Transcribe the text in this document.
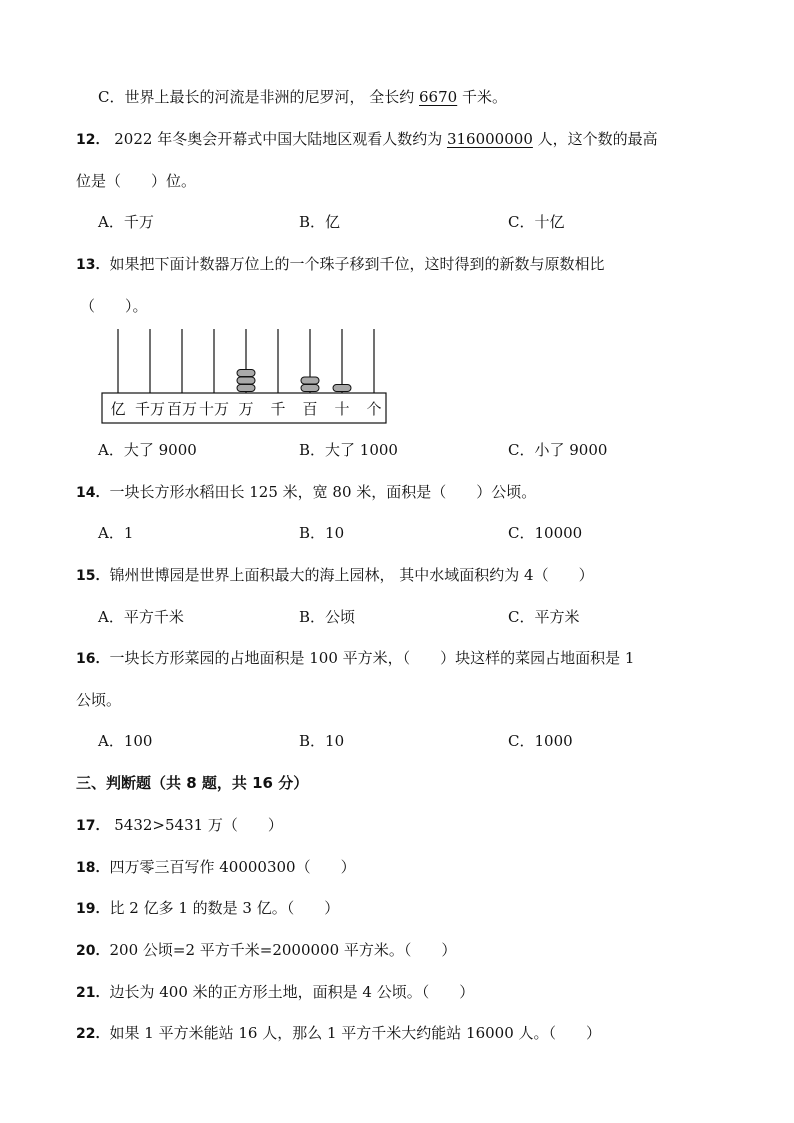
C．世界上最长的河流是非洲的尼罗河， 全长约 6670 千米。
12． 2022 年冬奥会开幕式中国大陆地区观看人数约为 316000000 人，这个数的最高
位是（　　）位。
A．千万	B．亿	C．十亿
13．如果把下面计数器万位上的一个珠子移到千位，这时得到的新数与原数相比
（　　）。
亿 千万 百万 十万 万 千 百 十 个
A．大了 9000	B．大了 1000	C．小了 9000
14．一块长方形水稻田长 125 米，宽 80 米，面积是（　　）公顷。
A．1	B．10	C．10000
15．锦州世博园是世界上面积最大的海上园林， 其中水域面积约为 4（　　）
A．平方千米	B．公顷	C．平方米
16．一块长方形菜园的占地面积是 100 平方米，（　　）块这样的菜园占地面积是 1
公顷。
A．100	B．10	C．1000
三、判断题（共 8 题，共 16 分）
17． 5432>5431 万（　　）
18．四万零三百写作 40000300（　　）
19．比 2 亿多 1 的数是 3 亿。（　　）
20．200 公顷=2 平方千米=2000000 平方米。（　　）
21．边长为 400 米的正方形土地，面积是 4 公顷。（　　）
22．如果 1 平方米能站 16 人，那么 1 平方千米大约能站 16000 人。（　　）
